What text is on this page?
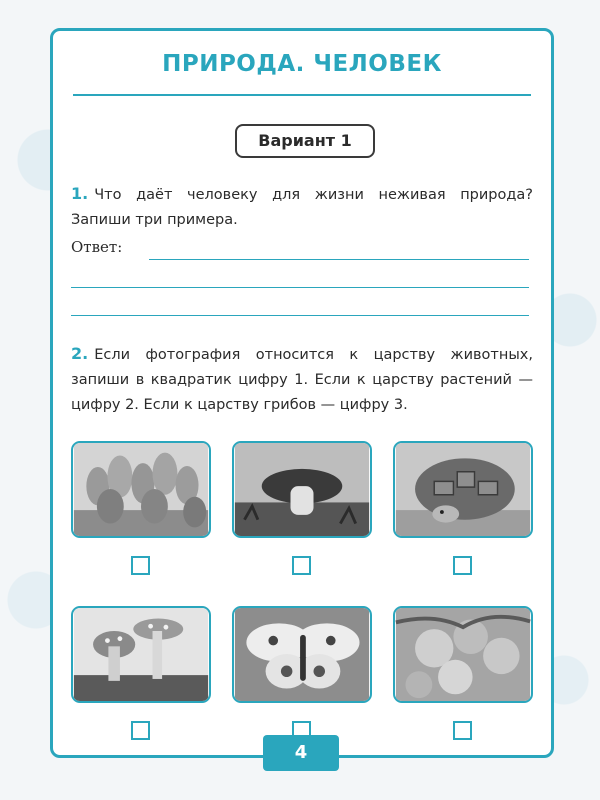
ПРИРОДА. ЧЕЛОВЕК
Вариант 1
1. Что даёт человеку для жизни неживая природа? Запиши три примера.
Ответ:
2. Если фотография относится к царству животных, запиши в квадратик цифру 1. Если к царству растений — цифру 2. Если к царству грибов — цифру 3.
4
